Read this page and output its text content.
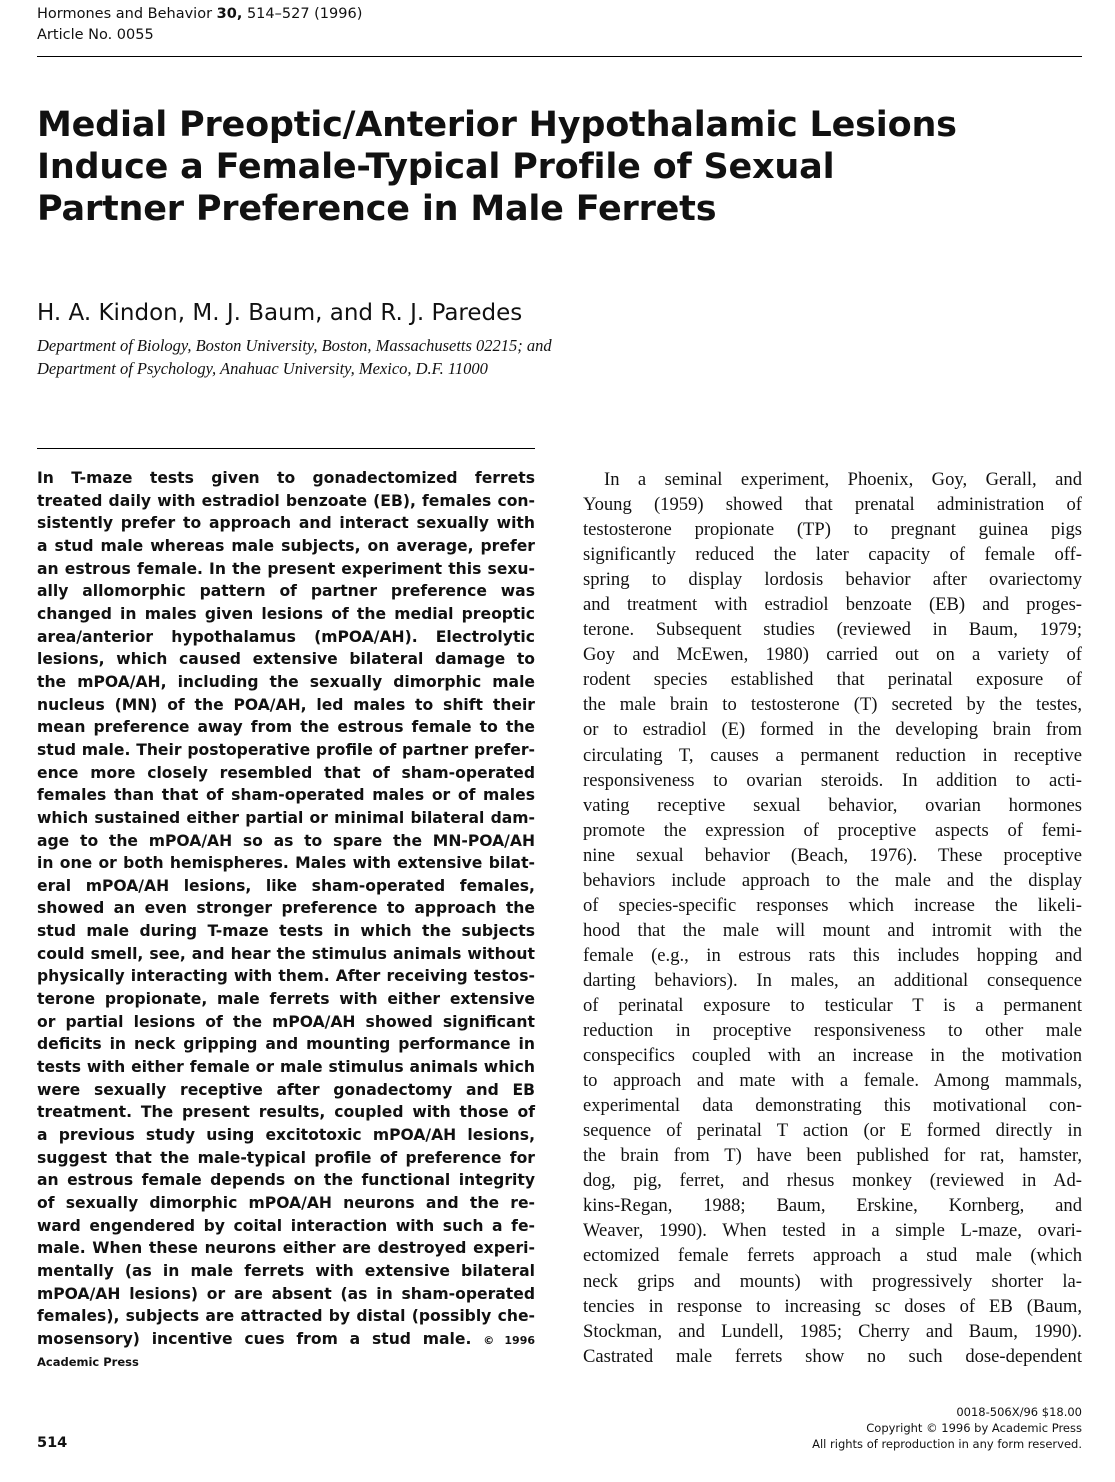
Hormones and Behavior 30, 514–527 (1996)
Article No. 0055
Medial Preoptic/Anterior Hypothalamic Lesions
Induce a Female-Typical Profile of Sexual
Partner Preference in Male Ferrets
H. A. Kindon, M. J. Baum, and R. J. Paredes
Department of Biology, Boston University, Boston, Massachusetts 02215; and
Department of Psychology, Anahuac University, Mexico, D.F. 11000
In T-maze tests given to gonadectomized ferrets
treated daily with estradiol benzoate (EB), females con-
sistently prefer to approach and interact sexually with
a stud male whereas male subjects, on average, prefer
an estrous female. In the present experiment this sexu-
ally allomorphic pattern of partner preference was
changed in males given lesions of the medial preoptic
area/anterior hypothalamus (mPOA/AH). Electrolytic
lesions, which caused extensive bilateral damage to
the mPOA/AH, including the sexually dimorphic male
nucleus (MN) of the POA/AH, led males to shift their
mean preference away from the estrous female to the
stud male. Their postoperative profile of partner prefer-
ence more closely resembled that of sham-operated
females than that of sham-operated males or of males
which sustained either partial or minimal bilateral dam-
age to the mPOA/AH so as to spare the MN-POA/AH
in one or both hemispheres. Males with extensive bilat-
eral mPOA/AH lesions, like sham-operated females,
showed an even stronger preference to approach the
stud male during T-maze tests in which the subjects
could smell, see, and hear the stimulus animals without
physically interacting with them. After receiving testos-
terone propionate, male ferrets with either extensive
or partial lesions of the mPOA/AH showed significant
deficits in neck gripping and mounting performance in
tests with either female or male stimulus animals which
were sexually receptive after gonadectomy and EB
treatment. The present results, coupled with those of
a previous study using excitotoxic mPOA/AH lesions,
suggest that the male-typical profile of preference for
an estrous female depends on the functional integrity
of sexually dimorphic mPOA/AH neurons and the re-
ward engendered by coital interaction with such a fe-
male. When these neurons either are destroyed experi-
mentally (as in male ferrets with extensive bilateral
mPOA/AH lesions) or are absent (as in sham-operated
females), subjects are attracted by distal (possibly che-
mosensory) incentive cues from a stud male. © 1996
Academic Press
In a seminal experiment, Phoenix, Goy, Gerall, and
Young (1959) showed that prenatal administration of
testosterone propionate (TP) to pregnant guinea pigs
significantly reduced the later capacity of female off-
spring to display lordosis behavior after ovariectomy
and treatment with estradiol benzoate (EB) and proges-
terone. Subsequent studies (reviewed in Baum, 1979;
Goy and McEwen, 1980) carried out on a variety of
rodent species established that perinatal exposure of
the male brain to testosterone (T) secreted by the testes,
or to estradiol (E) formed in the developing brain from
circulating T, causes a permanent reduction in receptive
responsiveness to ovarian steroids. In addition to acti-
vating receptive sexual behavior, ovarian hormones
promote the expression of proceptive aspects of femi-
nine sexual behavior (Beach, 1976). These proceptive
behaviors include approach to the male and the display
of species-specific responses which increase the likeli-
hood that the male will mount and intromit with the
female (e.g., in estrous rats this includes hopping and
darting behaviors). In males, an additional consequence
of perinatal exposure to testicular T is a permanent
reduction in proceptive responsiveness to other male
conspecifics coupled with an increase in the motivation
to approach and mate with a female. Among mammals,
experimental data demonstrating this motivational con-
sequence of perinatal T action (or E formed directly in
the brain from T) have been published for rat, hamster,
dog, pig, ferret, and rhesus monkey (reviewed in Ad-
kins-Regan, 1988; Baum, Erskine, Kornberg, and
Weaver, 1990). When tested in a simple L-maze, ovari-
ectomized female ferrets approach a stud male (which
neck grips and mounts) with progressively shorter la-
tencies in response to increasing sc doses of EB (Baum,
Stockman, and Lundell, 1985; Cherry and Baum, 1990).
Castrated male ferrets show no such dose-dependent
0018-506X/96 $18.00
Copyright © 1996 by Academic Press
All rights of reproduction in any form reserved.
514
